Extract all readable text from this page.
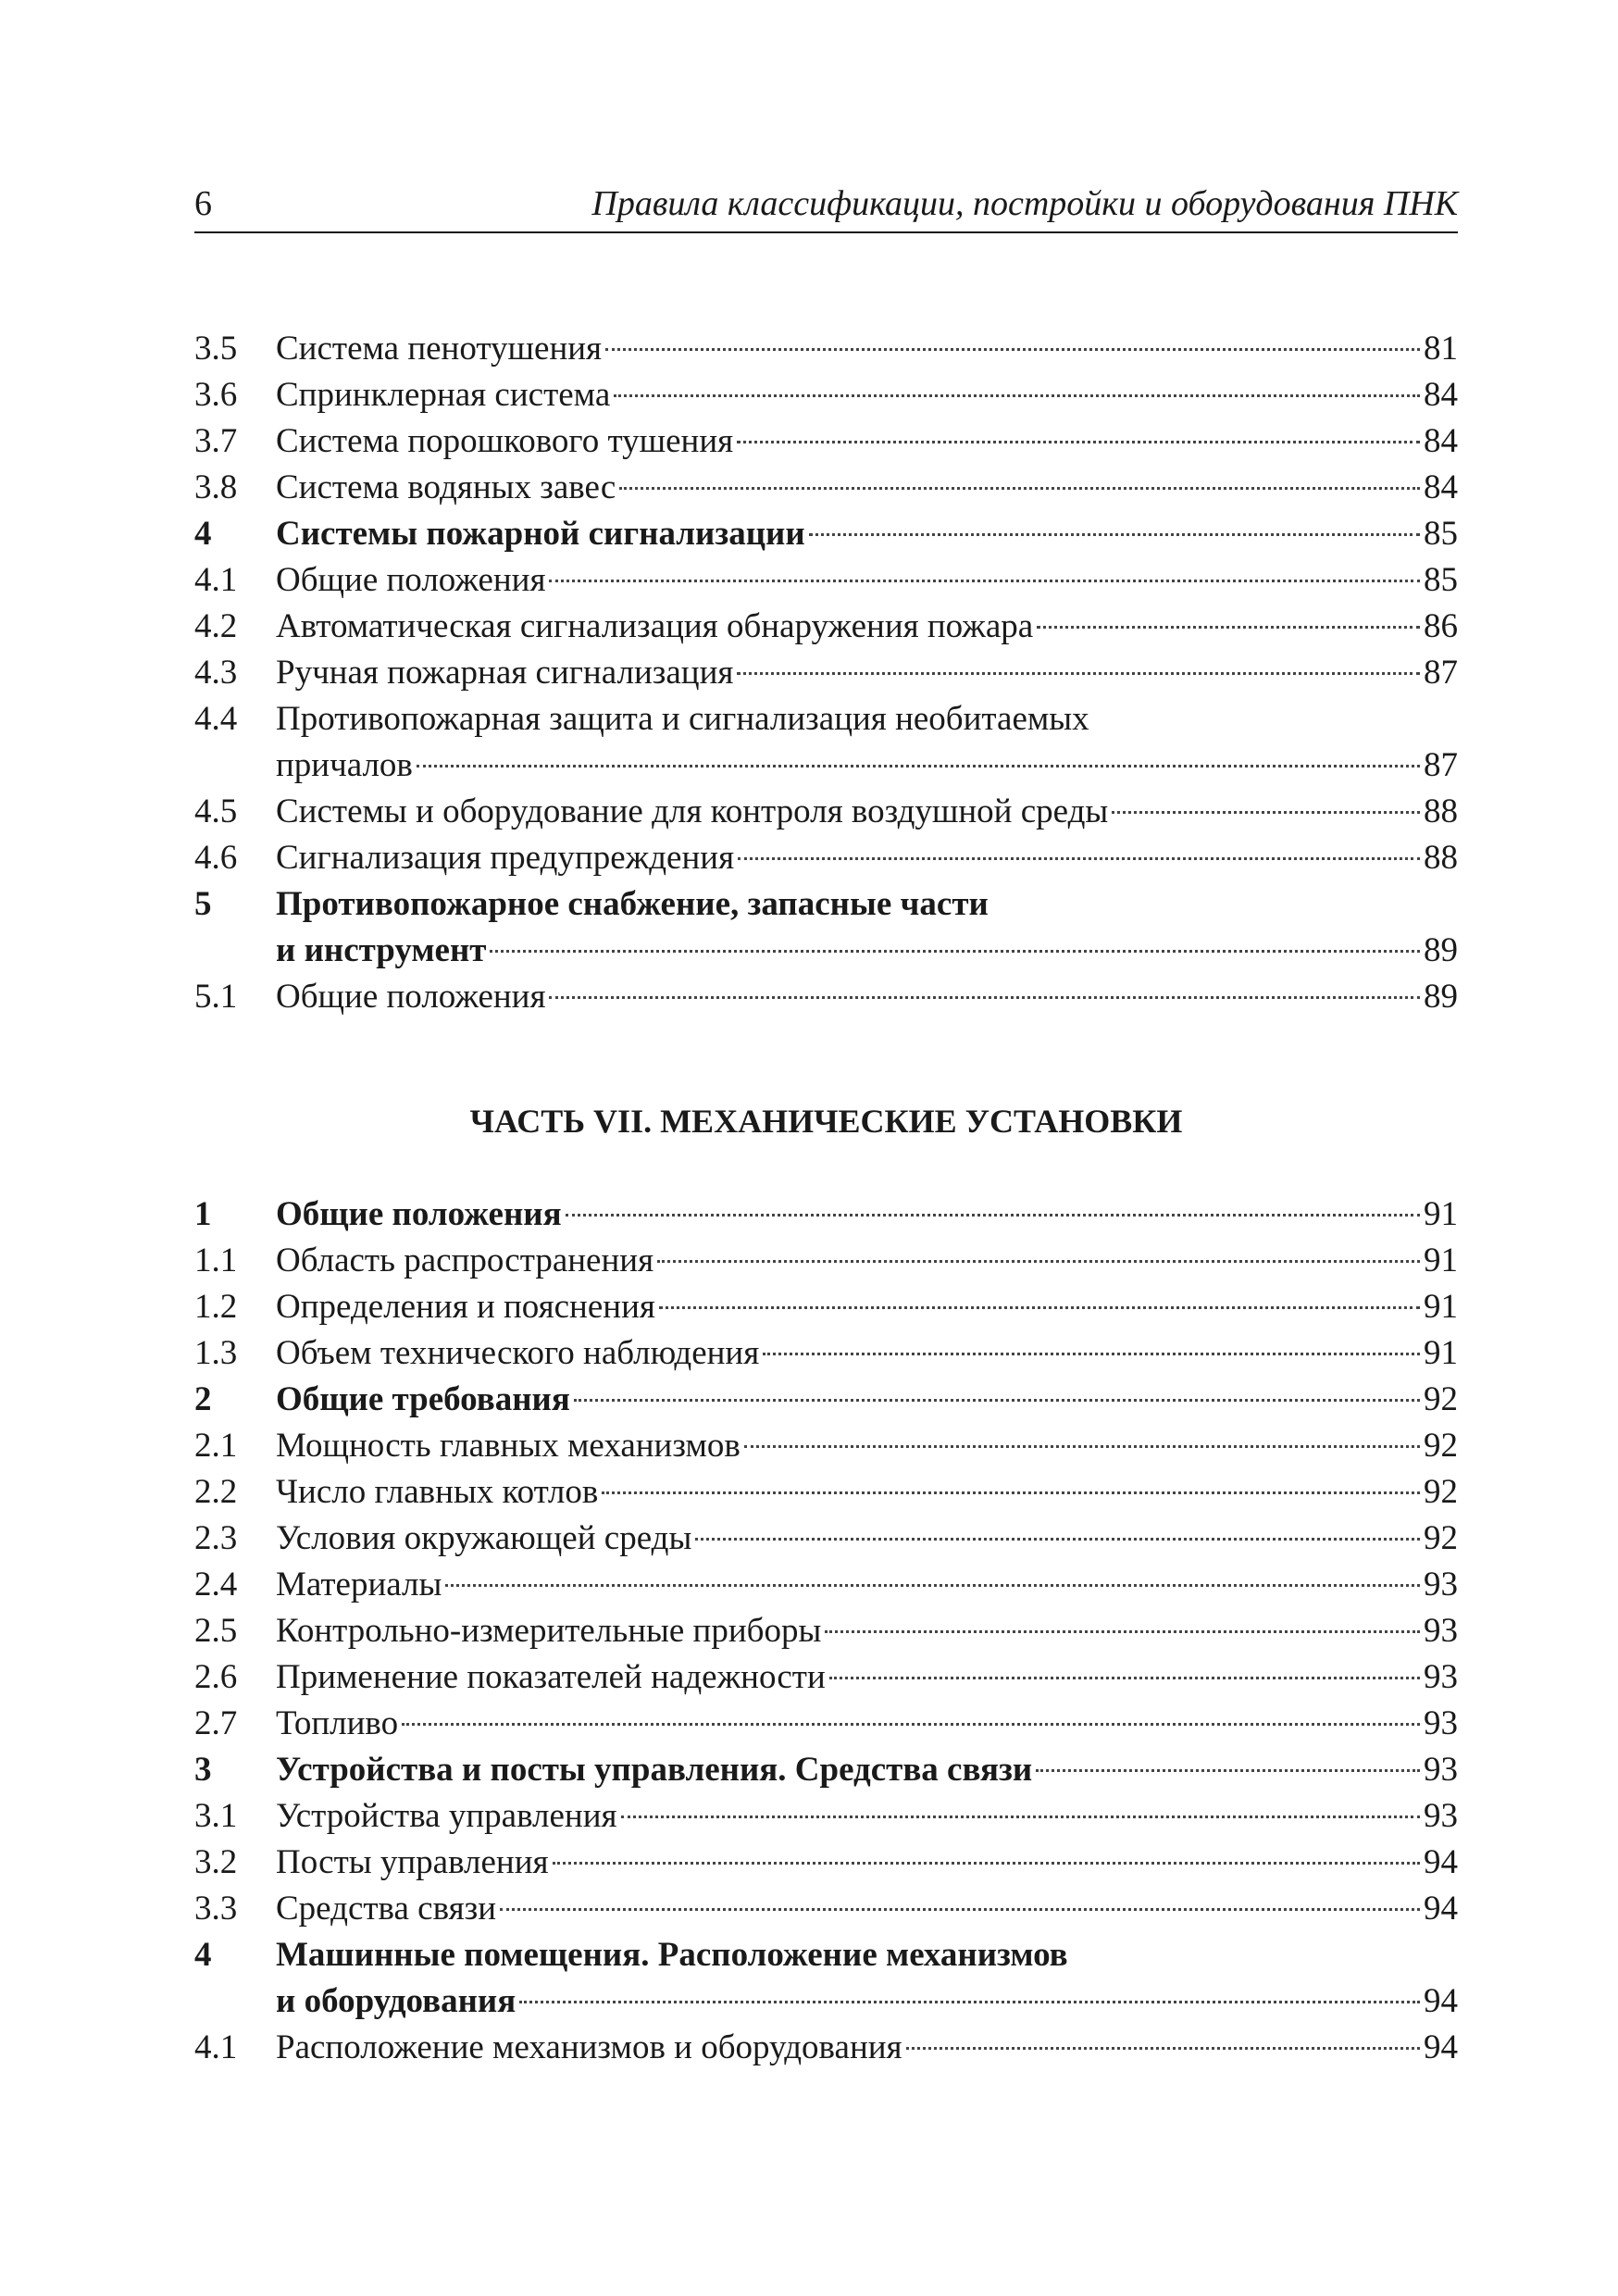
6	Правила классификации, постройки и оборудования ПНК
3.5	Система пенотушения	81
3.6	Спринклерная система	84
3.7	Система порошкового тушения	84
3.8	Система водяных завес	84
4	Системы пожарной сигнализации	85
4.1	Общие положения	85
4.2	Автоматическая сигнализация обнаружения пожара	86
4.3	Ручная пожарная сигнализация	87
4.4	Противопожарная защита и сигнализация необитаемых
причалов	87
4.5	Системы и оборудование для контроля воздушной среды	88
4.6	Сигнализация предупреждения	88
5	Противопожарное снабжение, запасные части
и инструмент	89
5.1	Общие положения	89
ЧАСТЬ VII. МЕХАНИЧЕСКИЕ УСТАНОВКИ
1	Общие положения	91
1.1	Область распространения	91
1.2	Определения и пояснения	91
1.3	Объем технического наблюдения	91
2	Общие требования	92
2.1	Мощность главных механизмов	92
2.2	Число главных котлов	92
2.3	Условия окружающей среды	92
2.4	Материалы	93
2.5	Контрольно-измерительные приборы	93
2.6	Применение показателей надежности	93
2.7	Топливо	93
3	Устройства и посты управления. Средства связи	93
3.1	Устройства управления	93
3.2	Посты управления	94
3.3	Средства связи	94
4	Машинные помещения. Расположение механизмов
и оборудования	94
4.1	Расположение механизмов и оборудования	94
